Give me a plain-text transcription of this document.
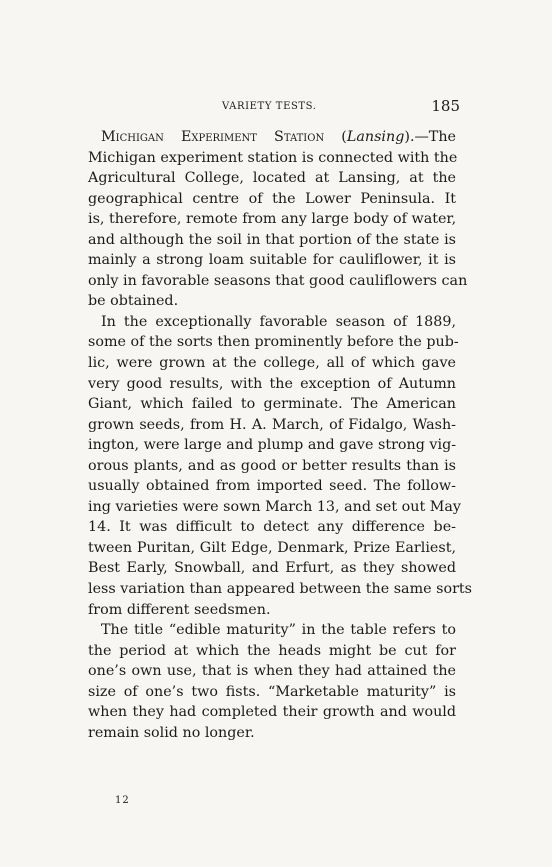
VARIETY TESTS.	185
Michigan Experiment Station (Lansing).—The
Michigan experiment station is connected with the
Agricultural College, located at Lansing, at the
geographical centre of the Lower Peninsula. It
is, therefore, remote from any large body of water,
and although the soil in that portion of the state is
mainly a strong loam suitable for cauliflower, it is
only in favorable seasons that good cauliflowers can
be obtained.
In the exceptionally favorable season of 1889,
some of the sorts then prominently before the pub-
lic, were grown at the college, all of which gave
very good results, with the exception of Autumn
Giant, which failed to germinate. The American
grown seeds, from H. A. March, of Fidalgo, Wash-
ington, were large and plump and gave strong vig-
orous plants, and as good or better results than is
usually obtained from imported seed. The follow-
ing varieties were sown March 13, and set out May
14. It was difficult to detect any difference be-
tween Puritan, Gilt Edge, Denmark, Prize Earliest,
Best Early, Snowball, and Erfurt, as they showed
less variation than appeared between the same sorts
from different seedsmen.
The title “edible maturity” in the table refers to
the period at which the heads might be cut for
one’s own use, that is when they had attained the
size of one’s two fists. “Marketable maturity” is
when they had completed their growth and would
remain solid no longer.
12
